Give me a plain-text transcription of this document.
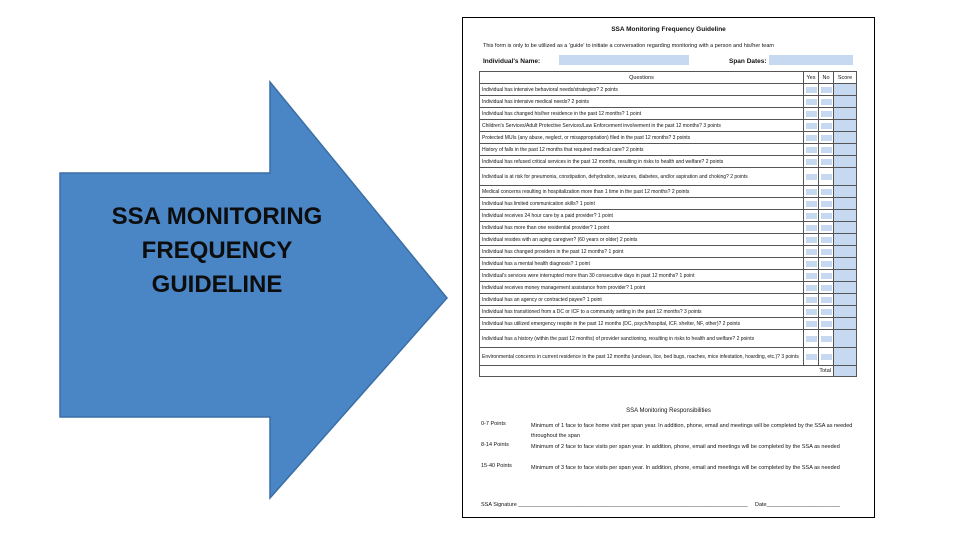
SSA MONITORING
FREQUENCY
GUIDELINE
SSA Monitoring Frequency Guideline
This form is only to be utilized as a 'guide' to initiate a conversation regarding monitoring with a person and his/her team
Individual's Name:	Span Dates:
Questions	Yes	No	Score
Individual has intensive behavioral needs/strategies? 2 points	

Individual has intensive medical needs? 2 points	

Individual has changed his/her residence in the past 12 months? 1 point	

Children's Services/Adult Protective Services/Law Enforcement involvement in the past 12 months? 3 points	

Protected MUIs (any abuse, neglect, or misappropriation) filed in the past 12 months? 3 points	

History of falls in the past 12 months that required medical care? 2 points	

Individual has refused critical services in the past 12 months, resulting in risks to health and welfare? 2 points	

Individual is at risk for pneumonia, constipation, dehydration, seizures, diabetes, and/or aspiration and choking? 2 points	

Medical concerns resulting in hospitalization more than 1 time in the past 12 months? 2 points	

Individual has limited communication skills? 1 point	

Individual receives 24 hour care by a paid provider? 1 point	

Individual has more than one residential provider? 1 point	

Individual resides with an aging caregiver? (60 years or older) 2 points	

Individual has changed providers in the past 12 months? 1 point	

Individual has a mental health diagnosis? 1 point	

Individual's services were interrupted more than 30 consecutive days in past 12 months? 1 point	

Individual receives money management assistance from provider? 1 point	

Individual has an agency or contracted payee? 1 point	

Individual has transitioned from a DC or ICF to a community setting in the past 12 months? 3 points	

Individual has utilized emergency respite in the past 12 months (DC, psych/hospital, ICF, shelter, NF, other)? 2 points	

Individual has a history (within the past 12 months) of provider sanctioning, resulting in risks to health and welfare? 2 points	

Environmental concerns in current residence in the past 12 months (unclean, lice, bed bugs, roaches, mice infestation, hoarding, etc.)? 3 points	

Total			
SSA Monitoring Responsibilities
0-7 Points	Minimum of 1 face to face home visit per span year. In addition, phone, email and meetings will be completed by the SSA as needed throughout the span
8-14 Points	Minimum of 2 face to face visits per span year. In addition, phone, email and meetings will be completed by the SSA as needed
15-40 Points	Minimum of 3 face to face visits per span year. In addition, phone, email and meetings will be completed by the SSA as needed
SSA Signature ___________________________________________________________________________ Date________________________
